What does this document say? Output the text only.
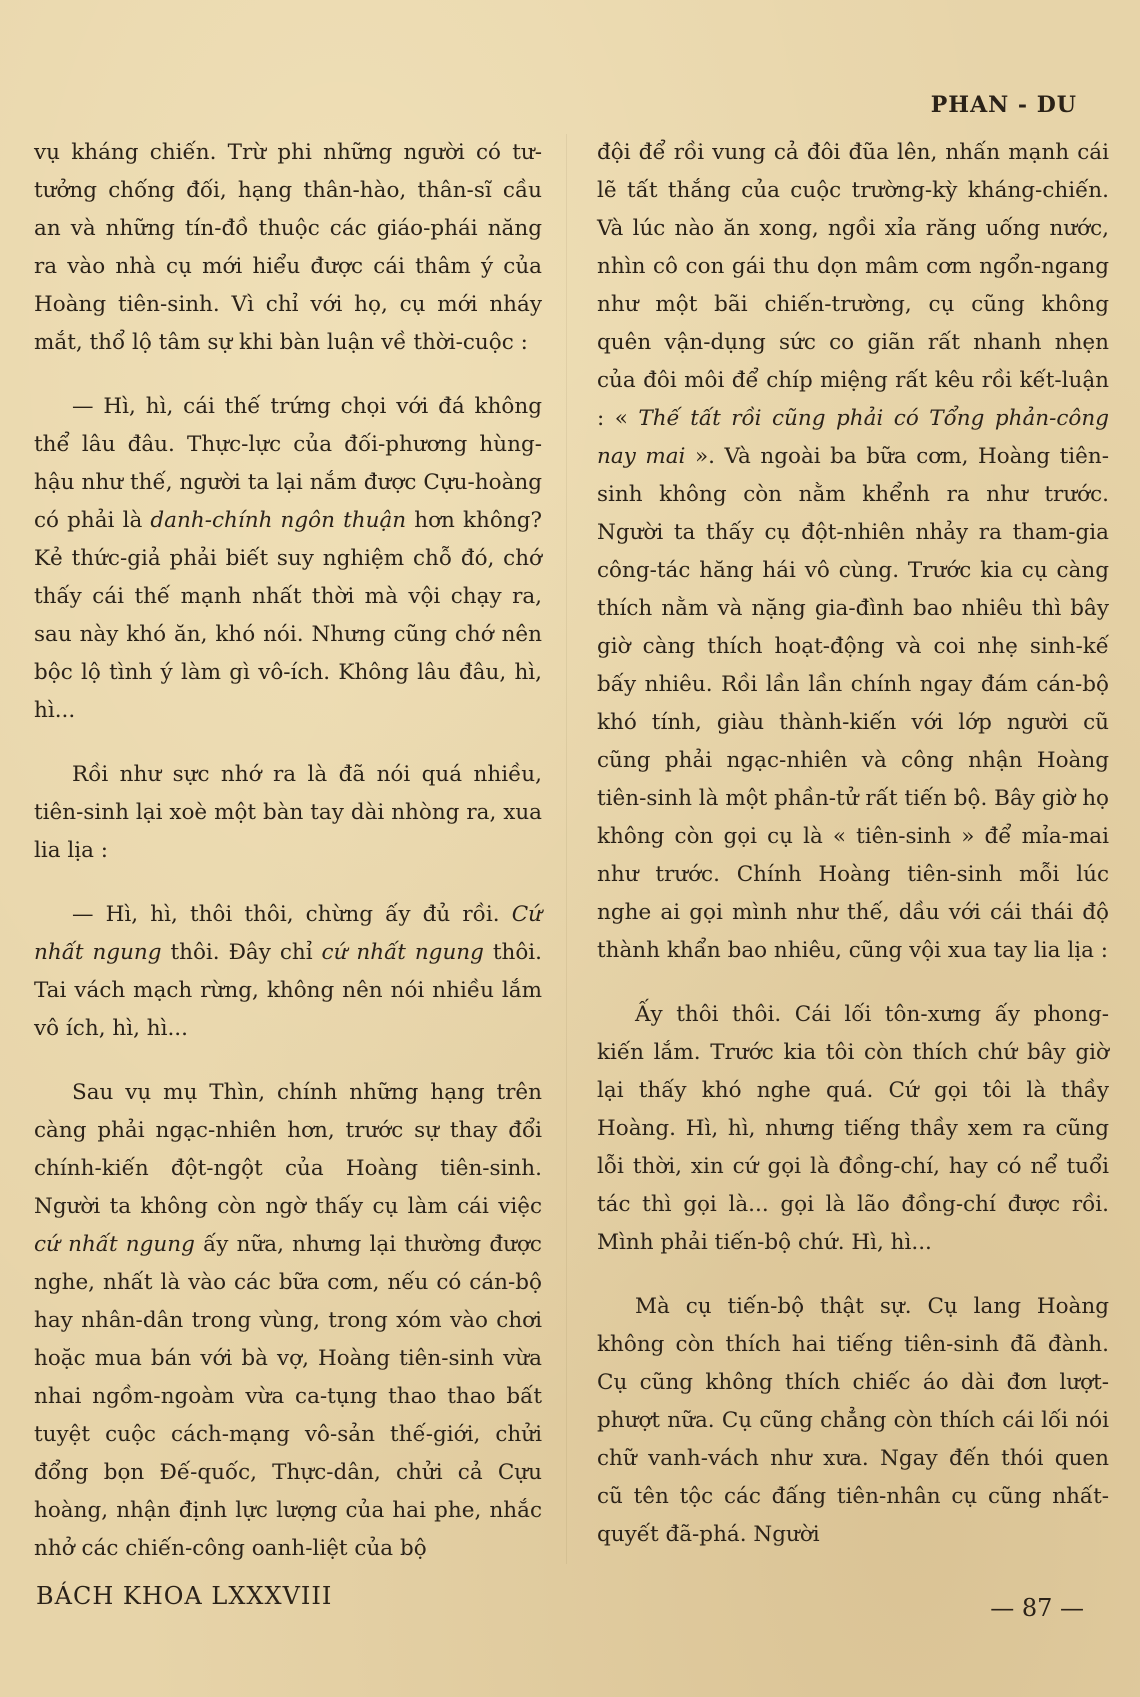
PHAN - DU

vụ kháng chiến. Trừ phi những người có tư-tưởng chống đối, hạng thân-hào, thân-sĩ cầu an và những tín-đồ thuộc các giáo-phái năng ra vào nhà cụ mới hiểu được cái thâm ý của Hoàng tiên-sinh. Vì chỉ với họ, cụ mới nháy mắt, thổ lộ tâm sự khi bàn luận về thời-cuộc :

— Hì, hì, cái thế trứng chọi với đá không thể lâu đâu. Thực-lực của đối-phương hùng-hậu như thế, người ta lại nắm được Cựu-hoàng có phải là danh-chính ngôn thuận hơn không? Kẻ thức-giả phải biết suy nghiệm chỗ đó, chớ thấy cái thế mạnh nhất thời mà vội chạy ra, sau này khó ăn, khó nói. Nhưng cũng chớ nên bộc lộ tình ý làm gì vô-ích. Không lâu đâu, hì, hì...

Rồi như sực nhớ ra là đã nói quá nhiều, tiên-sinh lại xoè một bàn tay dài nhòng ra, xua lia lịa :

— Hì, hì, thôi thôi, chừng ấy đủ rồi. Cứ nhất ngung thôi. Đây chỉ cứ nhất ngung thôi. Tai vách mạch rừng, không nên nói nhiều lắm vô ích, hì, hì...

Sau vụ mụ Thìn, chính những hạng trên càng phải ngạc-nhiên hơn, trước sự thay đổi chính-kiến đột-ngột của Hoàng tiên-sinh. Người ta không còn ngờ thấy cụ làm cái việc cứ nhất ngung ấy nữa, nhưng lại thường được nghe, nhất là vào các bữa cơm, nếu có cán-bộ hay nhân-dân trong vùng, trong xóm vào chơi hoặc mua bán với bà vợ, Hoàng tiên-sinh vừa nhai ngồm-ngoàm vừa ca-tụng thao thao bất tuyệt cuộc cách-mạng vô-sản thế-giới, chửi đổng bọn Đế-quốc, Thực-dân, chửi cả Cựu hoàng, nhận định lực lượng của hai phe, nhắc nhở các chiến-công oanh-liệt của bộ

đội để rồi vung cả đôi đũa lên, nhấn mạnh cái lẽ tất thắng của cuộc trường-kỳ kháng-chiến. Và lúc nào ăn xong, ngồi xỉa răng uống nước, nhìn cô con gái thu dọn mâm cơm ngổn-ngang như một bãi chiến-trường, cụ cũng không quên vận-dụng sức co giãn rất nhanh nhẹn của đôi môi để chíp miệng rất kêu rồi kết-luận : « Thế tất rồi cũng phải có Tổng phản-công nay mai ». Và ngoài ba bữa cơm, Hoàng tiên-sinh không còn nằm khểnh ra như trước. Người ta thấy cụ đột-nhiên nhảy ra tham-gia công-tác hăng hái vô cùng. Trước kia cụ càng thích nằm và nặng gia-đình bao nhiêu thì bây giờ càng thích hoạt-động và coi nhẹ sinh-kế bấy nhiêu. Rồi lần lần chính ngay đám cán-bộ khó tính, giàu thành-kiến với lớp người cũ cũng phải ngạc-nhiên và công nhận Hoàng tiên-sinh là một phần-tử rất tiến bộ. Bây giờ họ không còn gọi cụ là « tiên-sinh » để mỉa-mai như trước. Chính Hoàng tiên-sinh mỗi lúc nghe ai gọi mình như thế, dầu với cái thái độ thành khẩn bao nhiêu, cũng vội xua tay lia lịa :

Ấy thôi thôi. Cái lối tôn-xưng ấy phong-kiến lắm. Trước kia tôi còn thích chứ bây giờ lại thấy khó nghe quá. Cứ gọi tôi là thầy Hoàng. Hì, hì, nhưng tiếng thầy xem ra cũng lỗi thời, xin cứ gọi là đồng-chí, hay có nể tuổi tác thì gọi là... gọi là lão đồng-chí được rồi. Mình phải tiến-bộ chứ. Hì, hì...

Mà cụ tiến-bộ thật sự. Cụ lang Hoàng không còn thích hai tiếng tiên-sinh đã đành. Cụ cũng không thích chiếc áo dài đơn lượt-phượt nữa. Cụ cũng chẳng còn thích cái lối nói chữ vanh-vách như xưa. Ngay đến thói quen cũ tên tộc các đấng tiên-nhân cụ cũng nhất-quyết đã-phá. Người

BÁCH KHOA LXXXVIII	— 87 —
